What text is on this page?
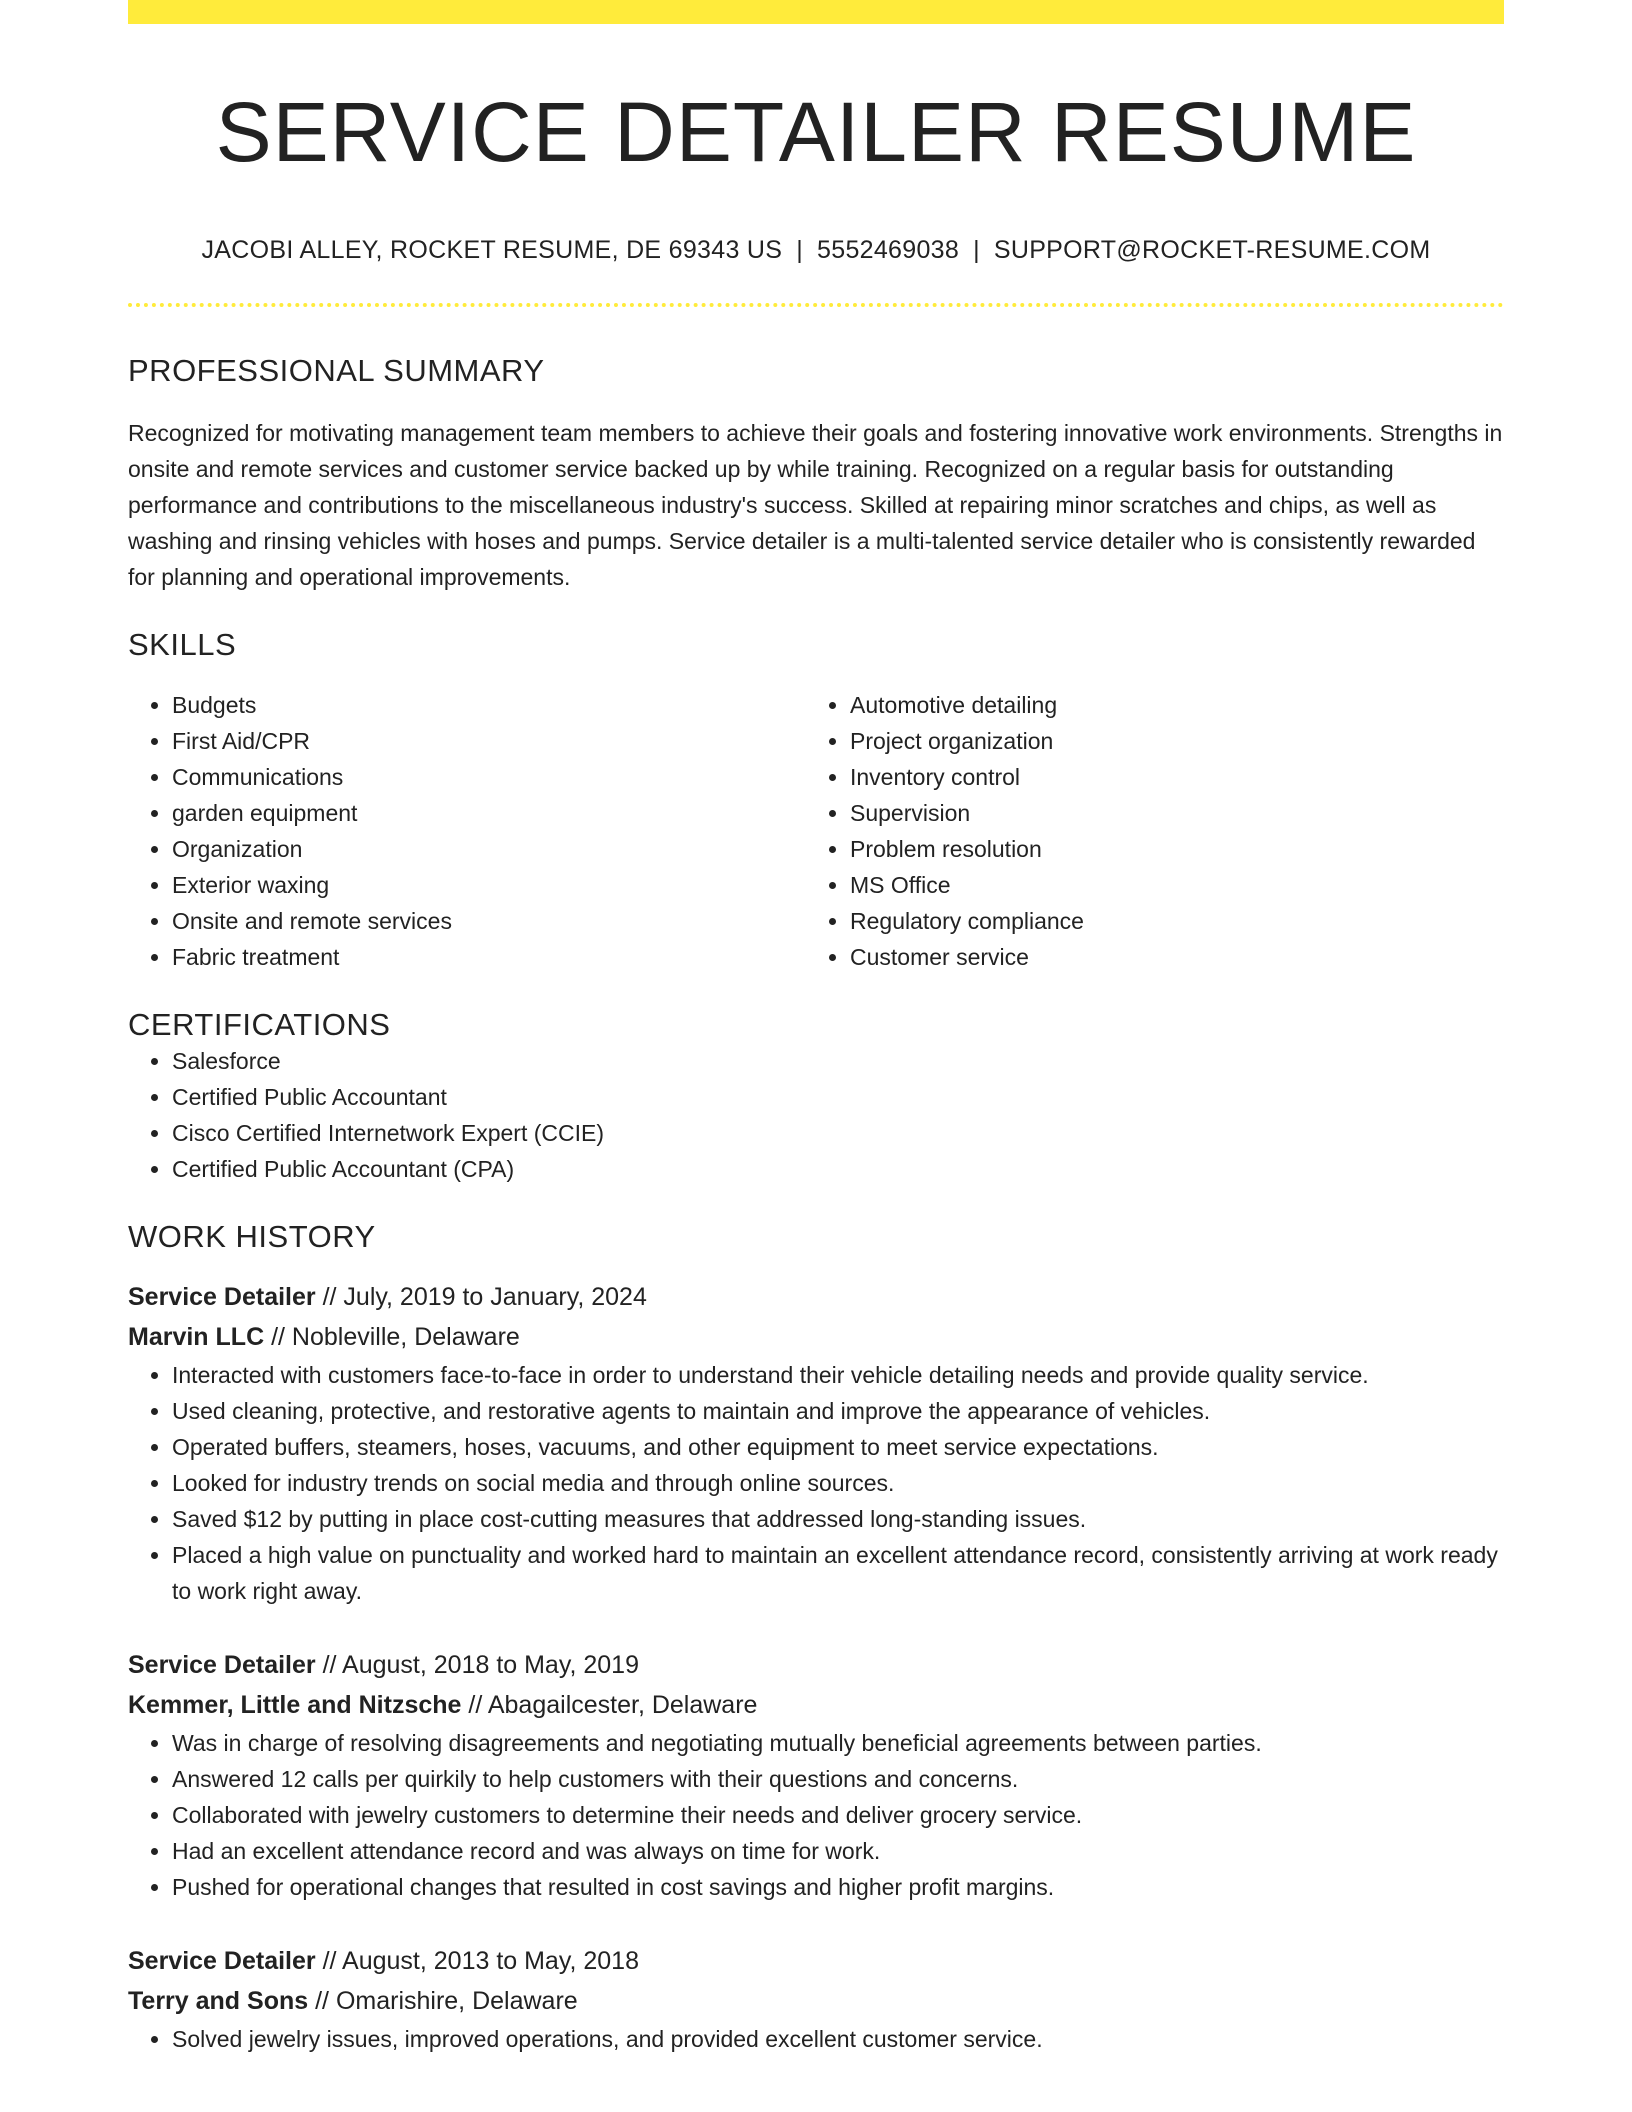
SERVICE DETAILER RESUME
JACOBI ALLEY, ROCKET RESUME, DE 69343 US | 5552469038 | SUPPORT@ROCKET-RESUME.COM
PROFESSIONAL SUMMARY

Recognized for motivating management team members to achieve their goals and fostering innovative work environments. Strengths in onsite and remote services and customer service backed up by while training. Recognized on a regular basis for outstanding performance and contributions to the miscellaneous industry's success. Skilled at repairing minor scratches and chips, as well as washing and rinsing vehicles with hoses and pumps. Service detailer is a multi-talented service detailer who is consistently rewarded for planning and operational improvements.

SKILLS
• Budgets
• First Aid/CPR
• Communications
• garden equipment
• Organization
• Exterior waxing
• Onsite and remote services
• Fabric treatment
• Automotive detailing
• Project organization
• Inventory control
• Supervision
• Problem resolution
• MS Office
• Regulatory compliance
• Customer service
CERTIFICATIONS
• Salesforce
• Certified Public Accountant
• Cisco Certified Internetwork Expert (CCIE)
• Certified Public Accountant (CPA)
WORK HISTORY
Service Detailer // July, 2019 to January, 2024
Marvin LLC // Nobleville, Delaware
• Interacted with customers face-to-face in order to understand their vehicle detailing needs and provide quality service.
• Used cleaning, protective, and restorative agents to maintain and improve the appearance of vehicles.
• Operated buffers, steamers, hoses, vacuums, and other equipment to meet service expectations.
• Looked for industry trends on social media and through online sources.
• Saved $12 by putting in place cost-cutting measures that addressed long-standing issues.
• Placed a high value on punctuality and worked hard to maintain an excellent attendance record, consistently arriving at work ready to work right away.
Service Detailer // August, 2018 to May, 2019
Kemmer, Little and Nitzsche // Abagailcester, Delaware
• Was in charge of resolving disagreements and negotiating mutually beneficial agreements between parties.
• Answered 12 calls per quirkily to help customers with their questions and concerns.
• Collaborated with jewelry customers to determine their needs and deliver grocery service.
• Had an excellent attendance record and was always on time for work.
• Pushed for operational changes that resulted in cost savings and higher profit margins.
Service Detailer // August, 2013 to May, 2018
Terry and Sons // Omarishire, Delaware
• Solved jewelry issues, improved operations, and provided excellent customer service.
